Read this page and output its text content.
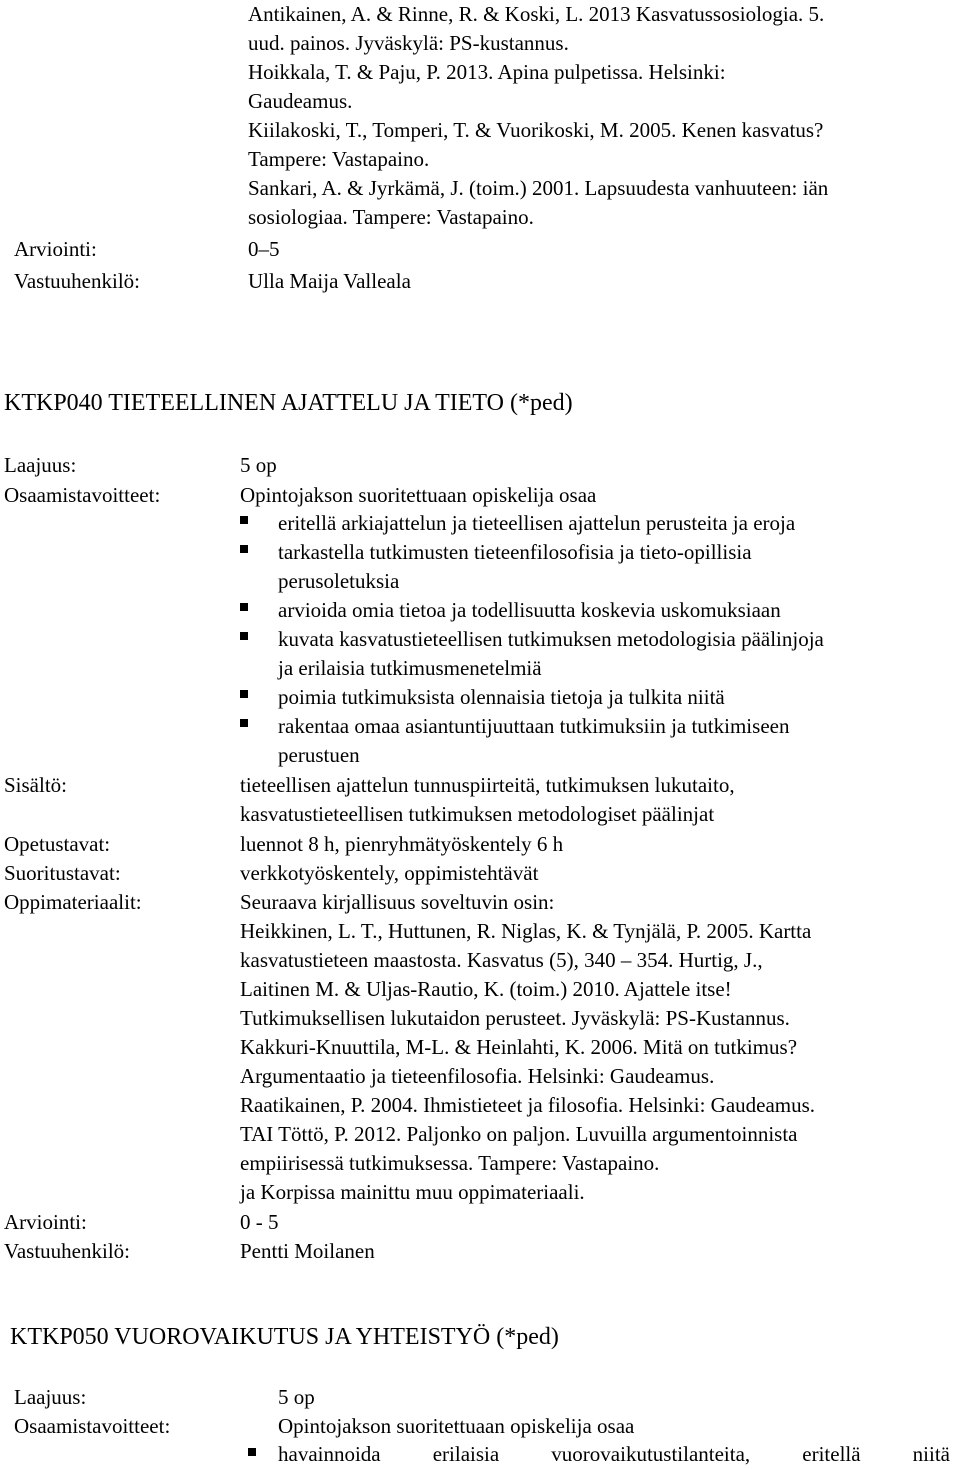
Antikainen, A. & Rinne, R. & Koski, L. 2013 Kasvatussosiologia. 5.
uud. painos. Jyväskylä: PS-kustannus.
Hoikkala, T. & Paju, P. 2013. Apina pulpetissa. Helsinki:
Gaudeamus.
Kiilakoski, T., Tomperi, T. & Vuorikoski, M. 2005. Kenen kasvatus?
Tampere: Vastapaino.
Sankari, A. & Jyrkämä, J. (toim.) 2001. Lapsuudesta vanhuuteen: iän
sosiologiaa. Tampere: Vastapaino.
Arviointi:	0–5
Vastuuhenkilö:	Ulla Maija Valleala
KTKP040 TIETEELLINEN AJATTELU JA TIETO (*ped)
Laajuus:	5 op
Osaamistavoitteet:	Opintojakson suoritettuaan opiskelija osaa
eritellä arkiajattelun ja tieteellisen ajattelun perusteita ja eroja
tarkastella tutkimusten tieteenfilosofisia ja tieto-opillisia
perusoletuksia
arvioida omia tietoa ja todellisuutta koskevia uskomuksiaan
kuvata kasvatustieteellisen tutkimuksen metodologisia päälinjoja
ja erilaisia tutkimusmenetelmiä
poimia tutkimuksista olennaisia tietoja ja tulkita niitä
rakentaa omaa asiantuntijuuttaan tutkimuksiin ja tutkimiseen
perustuen
Sisältö:	tieteellisen ajattelun tunnuspiirteitä, tutkimuksen lukutaito,
kasvatustieteellisen tutkimuksen metodologiset päälinjat
Opetustavat:	luennot 8 h, pienryhmätyöskentely 6 h
Suoritustavat:	verkkotyöskentely, oppimistehtävät
Oppimateriaalit:	Seuraava kirjallisuus soveltuvin osin:
Heikkinen, L. T., Huttunen, R. Niglas, K. & Tynjälä, P. 2005. Kartta
kasvatustieteen maastosta. Kasvatus (5), 340 – 354. Hurtig, J.,
Laitinen M. & Uljas-Rautio, K. (toim.) 2010. Ajattele itse!
Tutkimuksellisen lukutaidon perusteet. Jyväskylä: PS-Kustannus.
Kakkuri-Knuuttila, M-L. & Heinlahti, K. 2006. Mitä on tutkimus?
Argumentaatio ja tieteenfilosofia. Helsinki: Gaudeamus.
Raatikainen, P. 2004. Ihmistieteet ja filosofia. Helsinki: Gaudeamus.
TAI Töttö, P. 2012. Paljonko on paljon. Luvuilla argumentoinnista
empiirisessä tutkimuksessa. Tampere: Vastapaino.
ja Korpissa mainittu muu oppimateriaali.
Arviointi:	0 - 5
Vastuuhenkilö:	Pentti Moilanen
KTKP050 VUOROVAIKUTUS JA YHTEISTYÖ (*ped)
Laajuus:	5 op
Osaamistavoitteet:	Opintojakson suoritettuaan opiskelija osaa
havainnoida erilaisia vuorovaikutustilanteita, eritellä niitä
